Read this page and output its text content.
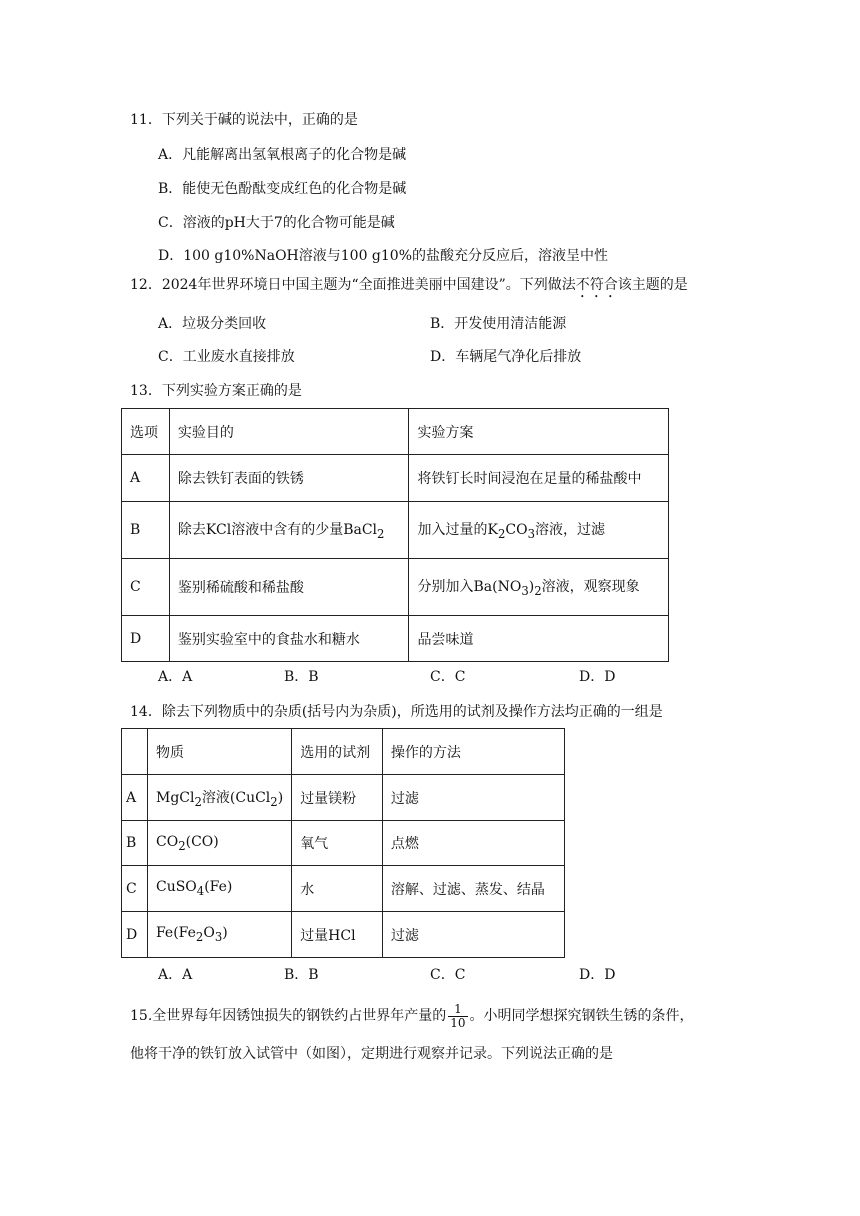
11．下列关于碱的说法中，正确的是
A．凡能解离出氢氧根离子的化合物是碱
B．能使无色酚酞变成红色的化合物是碱
C．溶液的pH大于7的化合物可能是碱
D．100 g10%NaOH溶液与100 g10%的盐酸充分反应后，溶液呈中性
12．2024年世界环境日中国主题为“全面推进美丽中国建设”。下列做法不符合该主题的是
A．垃圾分类回收	B．开发使用清洁能源
C．工业废水直接排放	D．车辆尾气净化后排放
13．下列实验方案正确的是
选项	实验目的	实验方案
A	除去铁钉表面的铁锈	将铁钉长时间浸泡在足量的稀盐酸中
B	除去KCl溶液中含有的少量BaCl$_2$	加入过量的$K_2CO_3$溶液，过滤
C	鉴别稀硫酸和稀盐酸	分别加入$Ba(NO_3)_2$溶液，观察现象
D	鉴别实验室中的食盐水和糖水	品尝味道
A．A	B．B	C．C	D．D
14．除去下列物质中的杂质(括号内为杂质)，所选用的试剂及操作方法均正确的一组是
	物质	选用的试剂	操作的方法
A	MgCl$_2$溶液(CuCl$_2$)	过量镁粉	过滤
B	$CO_2(CO)$	氧气	点燃
C	CuSO$_4$(Fe)	水	溶解、过滤、蒸发、结晶
D	$Fe(Fe_2O_3)$	过量HCl	过滤
A．A	B．B	C．C	D．D
15.全世界每年因锈蚀损失的钢铁约占世界年产量的 $\frac{1}{10}$ 。小明同学想探究钢铁生锈的条件，
他将干净的铁钉放入试管中（如图），定期进行观察并记录。下列说法正确的是
